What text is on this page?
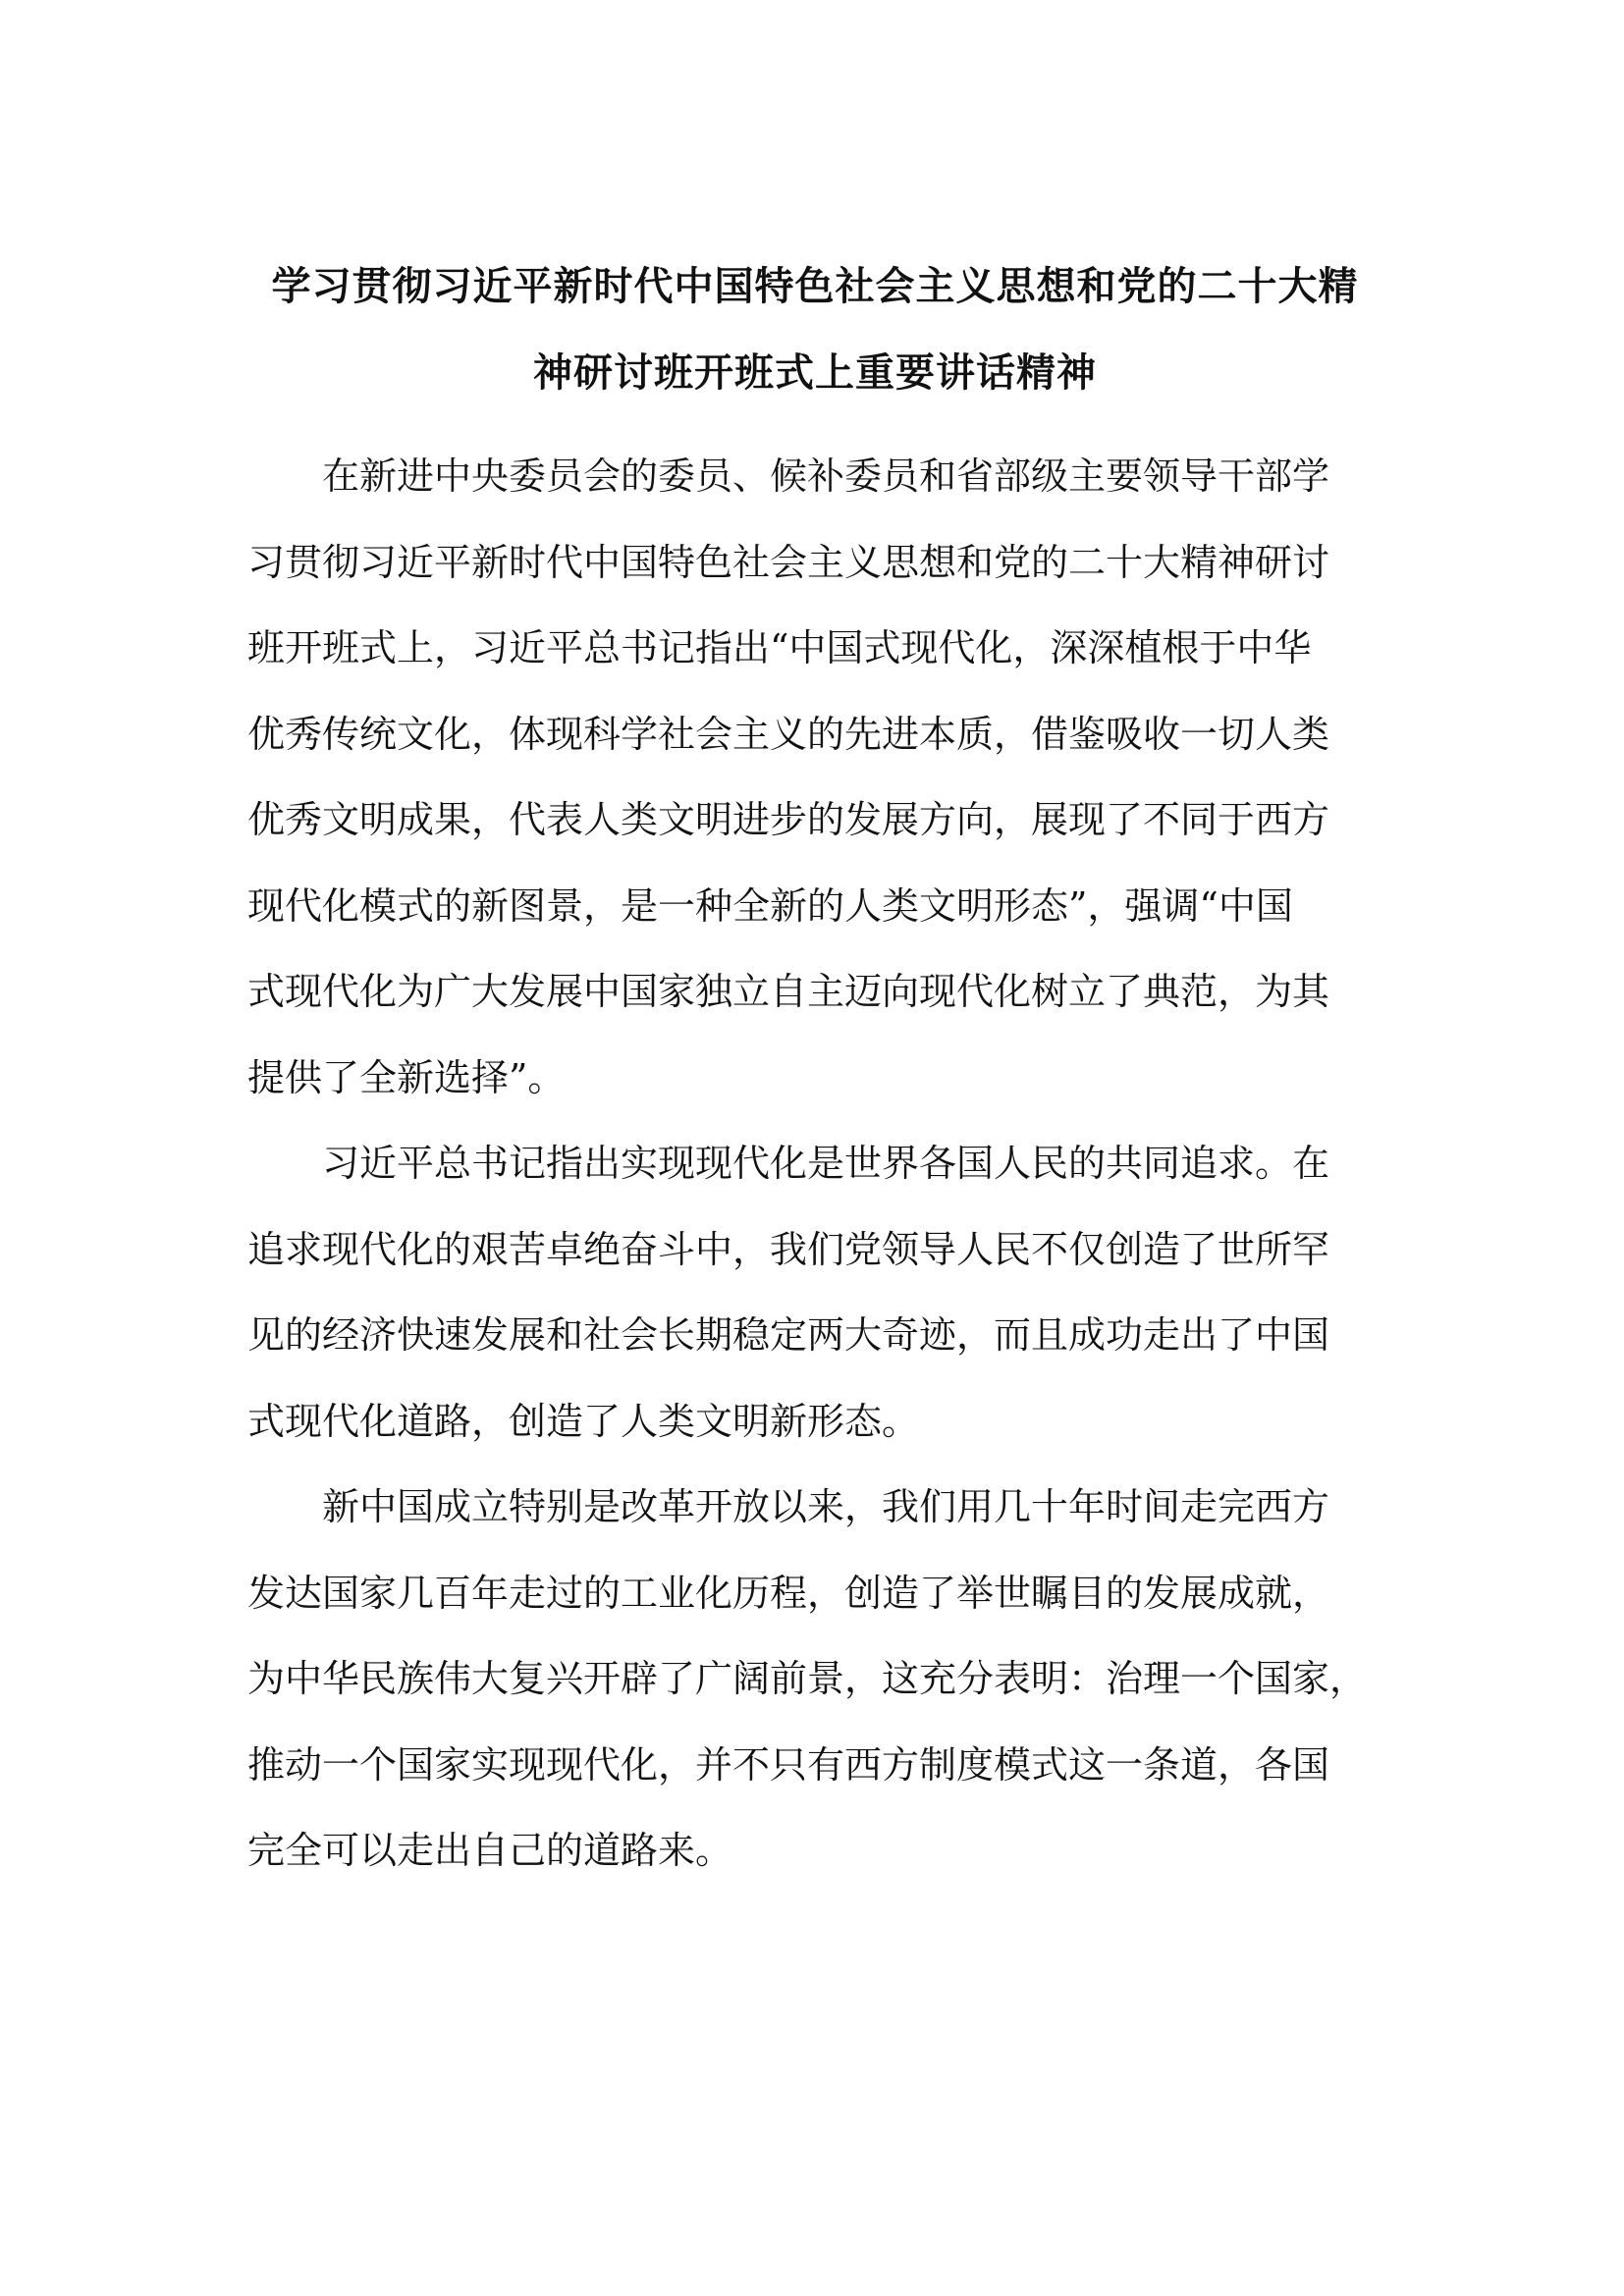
学习贯彻习近平新时代中国特色社会主义思想和党的二十大精
神研讨班开班式上重要讲话精神
在新进中央委员会的委员、候补委员和省部级主要领导干部学
习贯彻习近平新时代中国特色社会主义思想和党的二十大精神研讨
班开班式上，习近平总书记指出“中国式现代化，深深植根于中华
优秀传统文化，体现科学社会主义的先进本质，借鉴吸收一切人类
优秀文明成果，代表人类文明进步的发展方向，展现了不同于西方
现代化模式的新图景，是一种全新的人类文明形态”，强调“中国
式现代化为广大发展中国家独立自主迈向现代化树立了典范，为其
提供了全新选择”。
习近平总书记指出实现现代化是世界各国人民的共同追求。在
追求现代化的艰苦卓绝奋斗中，我们党领导人民不仅创造了世所罕
见的经济快速发展和社会长期稳定两大奇迹，而且成功走出了中国
式现代化道路，创造了人类文明新形态。
新中国成立特别是改革开放以来，我们用几十年时间走完西方
发达国家几百年走过的工业化历程，创造了举世瞩目的发展成就，
为中华民族伟大复兴开辟了广阔前景，这充分表明：治理一个国家，
推动一个国家实现现代化，并不只有西方制度模式这一条道，各国
完全可以走出自己的道路来。
